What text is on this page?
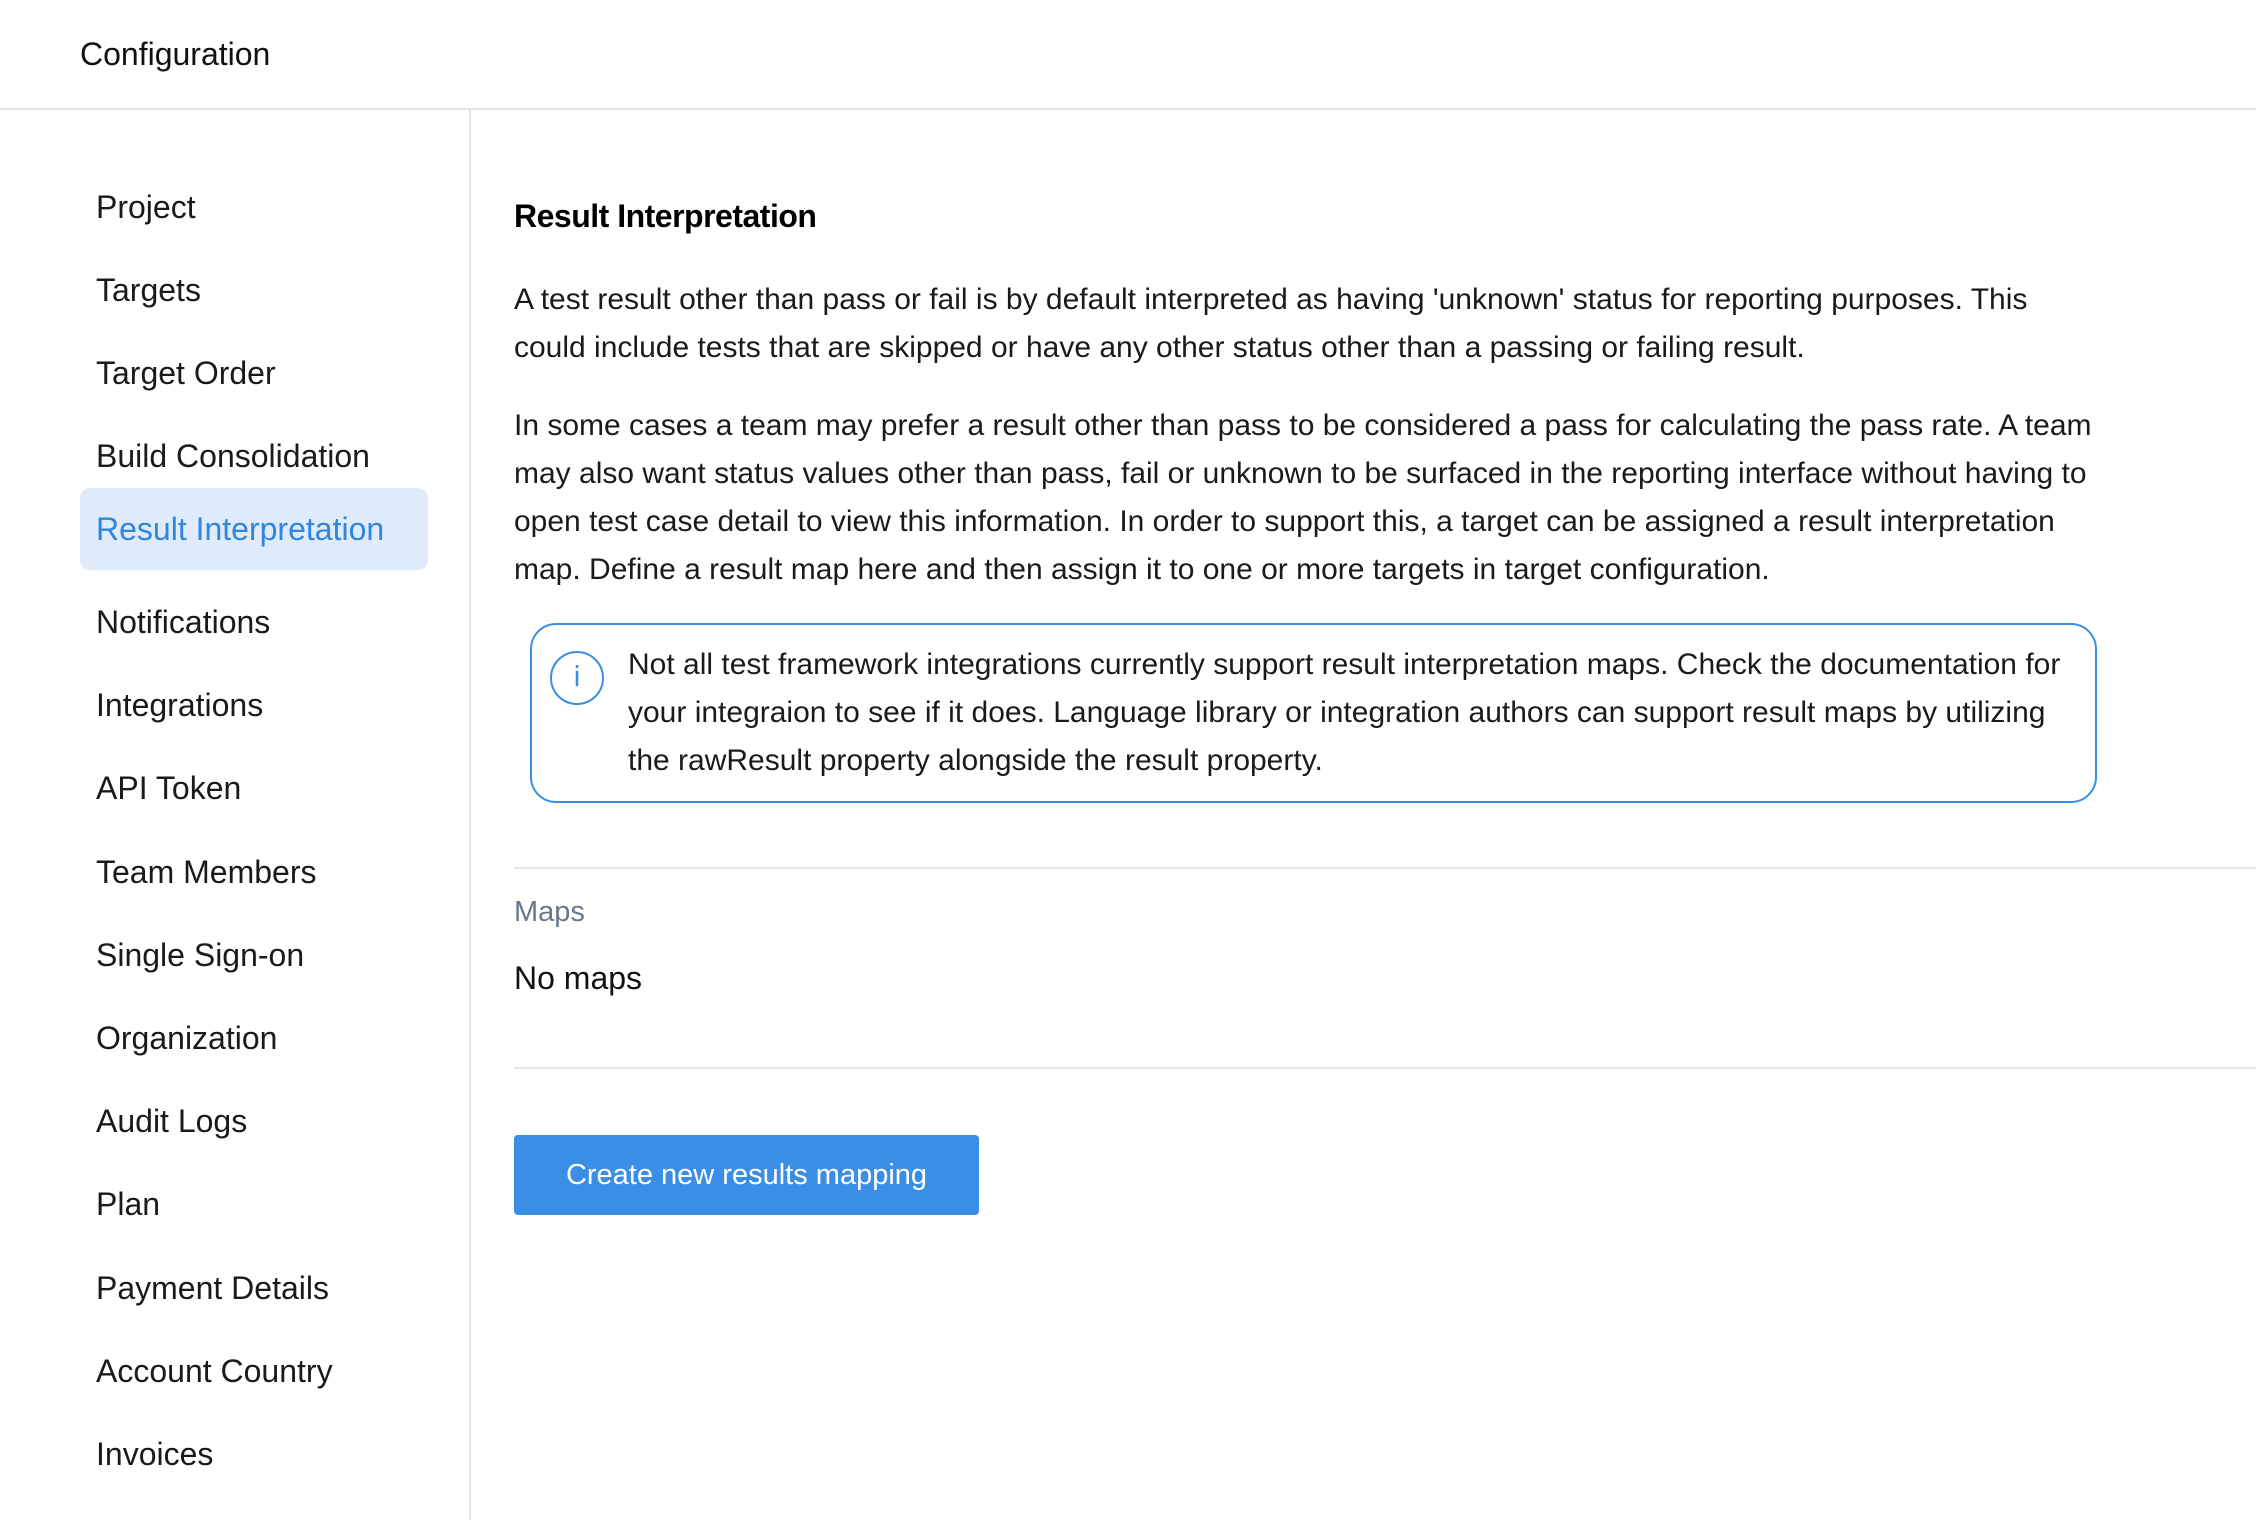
Configuration
Project
Targets
Target Order
Build Consolidation
Result Interpretation
Notifications
Integrations
API Token
Team Members
Single Sign-on
Organization
Audit Logs
Plan
Payment Details
Account Country
Invoices
Result Interpretation

A test result other than pass or fail is by default interpreted as having 'unknown' status for reporting purposes. This could include tests that are skipped or have any other status other than a passing or failing result.

In some cases a team may prefer a result other than pass to be considered a pass for calculating the pass rate. A team may also want status values other than pass, fail or unknown to be surfaced in the reporting interface without having to open test case detail to view this information. In order to support this, a target can be assigned a result interpretation map. Define a result map here and then assign it to one or more targets in target configuration.

i	Not all test framework integrations currently support result interpretation maps. Check the documentation for your integraion to see if it does. Language library or integration authors can support result maps by utilizing the rawResult property alongside the result property.

Maps
No maps
Create new results mapping
